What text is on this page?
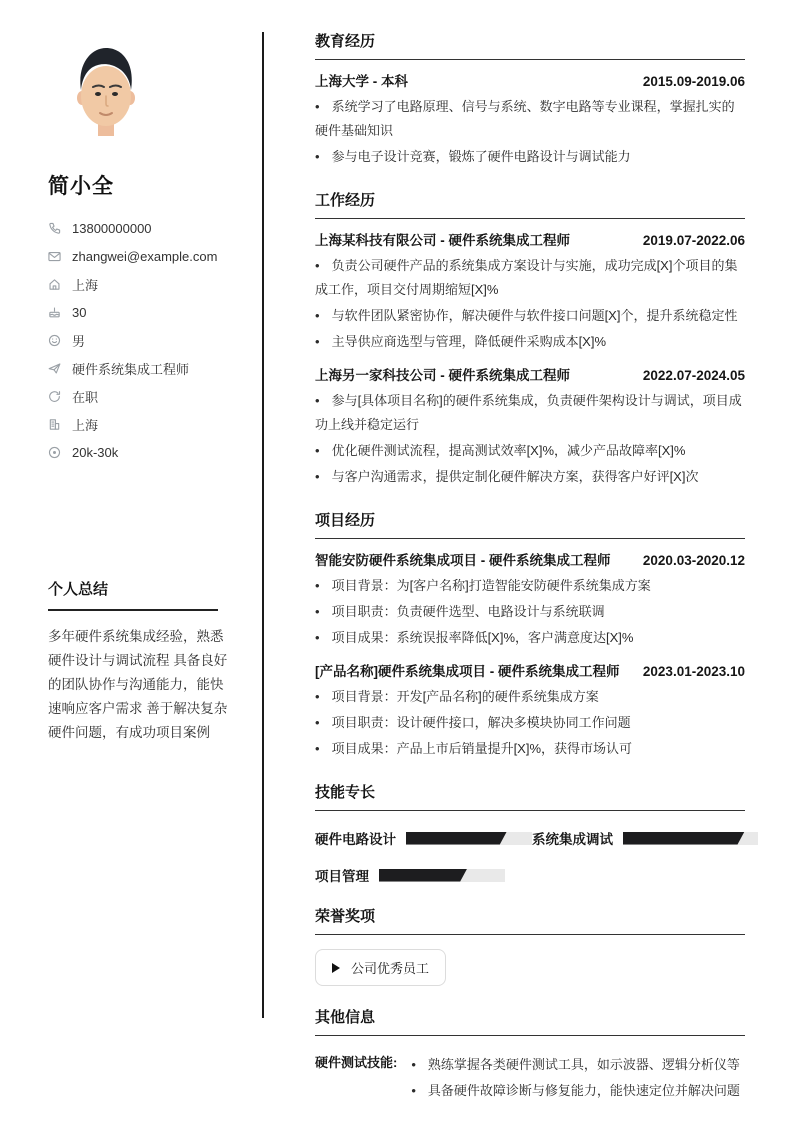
简小全
13800000000
zhangwei@example.com
上海
30
男
硬件系统集成工程师
在职
上海
20k-30k
个人总结

多年硬件系统集成经验，熟悉硬件设计与调试流程 具备良好的团队协作与沟通能力，能快速响应客户需求 善于解决复杂硬件问题，有成功项目案例

教育经历
上海大学 - 本科	2015.09-2019.06
• 系统学习了电路原理、信号与系统、数字电路等专业课程，掌握扎实的硬件基础知识
• 参与电子设计竞赛，锻炼了硬件电路设计与调试能力
工作经历
上海某科技有限公司 - 硬件系统集成工程师	2019.07-2022.06
• 负责公司硬件产品的系统集成方案设计与实施，成功完成[X]个项目的集成工作，项目交付周期缩短[X]%
• 与软件团队紧密协作，解决硬件与软件接口问题[X]个，提升系统稳定性
• 主导供应商选型与管理，降低硬件采购成本[X]%
上海另一家科技公司 - 硬件系统集成工程师	2022.07-2024.05
• 参与[具体项目名称]的硬件系统集成，负责硬件架构设计与调试，项目成功上线并稳定运行
• 优化硬件测试流程，提高测试效率[X]%，减少产品故障率[X]%
• 与客户沟通需求，提供定制化硬件解决方案，获得客户好评[X]次
项目经历
智能安防硬件系统集成项目 - 硬件系统集成工程师 2020.03-2020.12
• 项目背景：为[客户名称]打造智能安防硬件系统集成方案
• 项目职责：负责硬件选型、电路设计与系统联调
• 项目成果：系统误报率降低[X]%，客户满意度达[X]%
[产品名称]硬件系统集成项目 - 硬件系统集成工程师 2023.01-2023.10
• 项目背景：开发[产品名称]的硬件系统集成方案
• 项目职责：设计硬件接口，解决多模块协同工作问题
• 项目成果：产品上市后销量提升[X]%，获得市场认可
技能专长
硬件电路设计	系统集成调试
项目管理
荣誉奖项
公司优秀员工
其他信息
硬件测试技能: • 熟练掌握各类硬件测试工具，如示波器、逻辑分析仪等
• 具备硬件故障诊断与修复能力，能快速定位并解决问题
